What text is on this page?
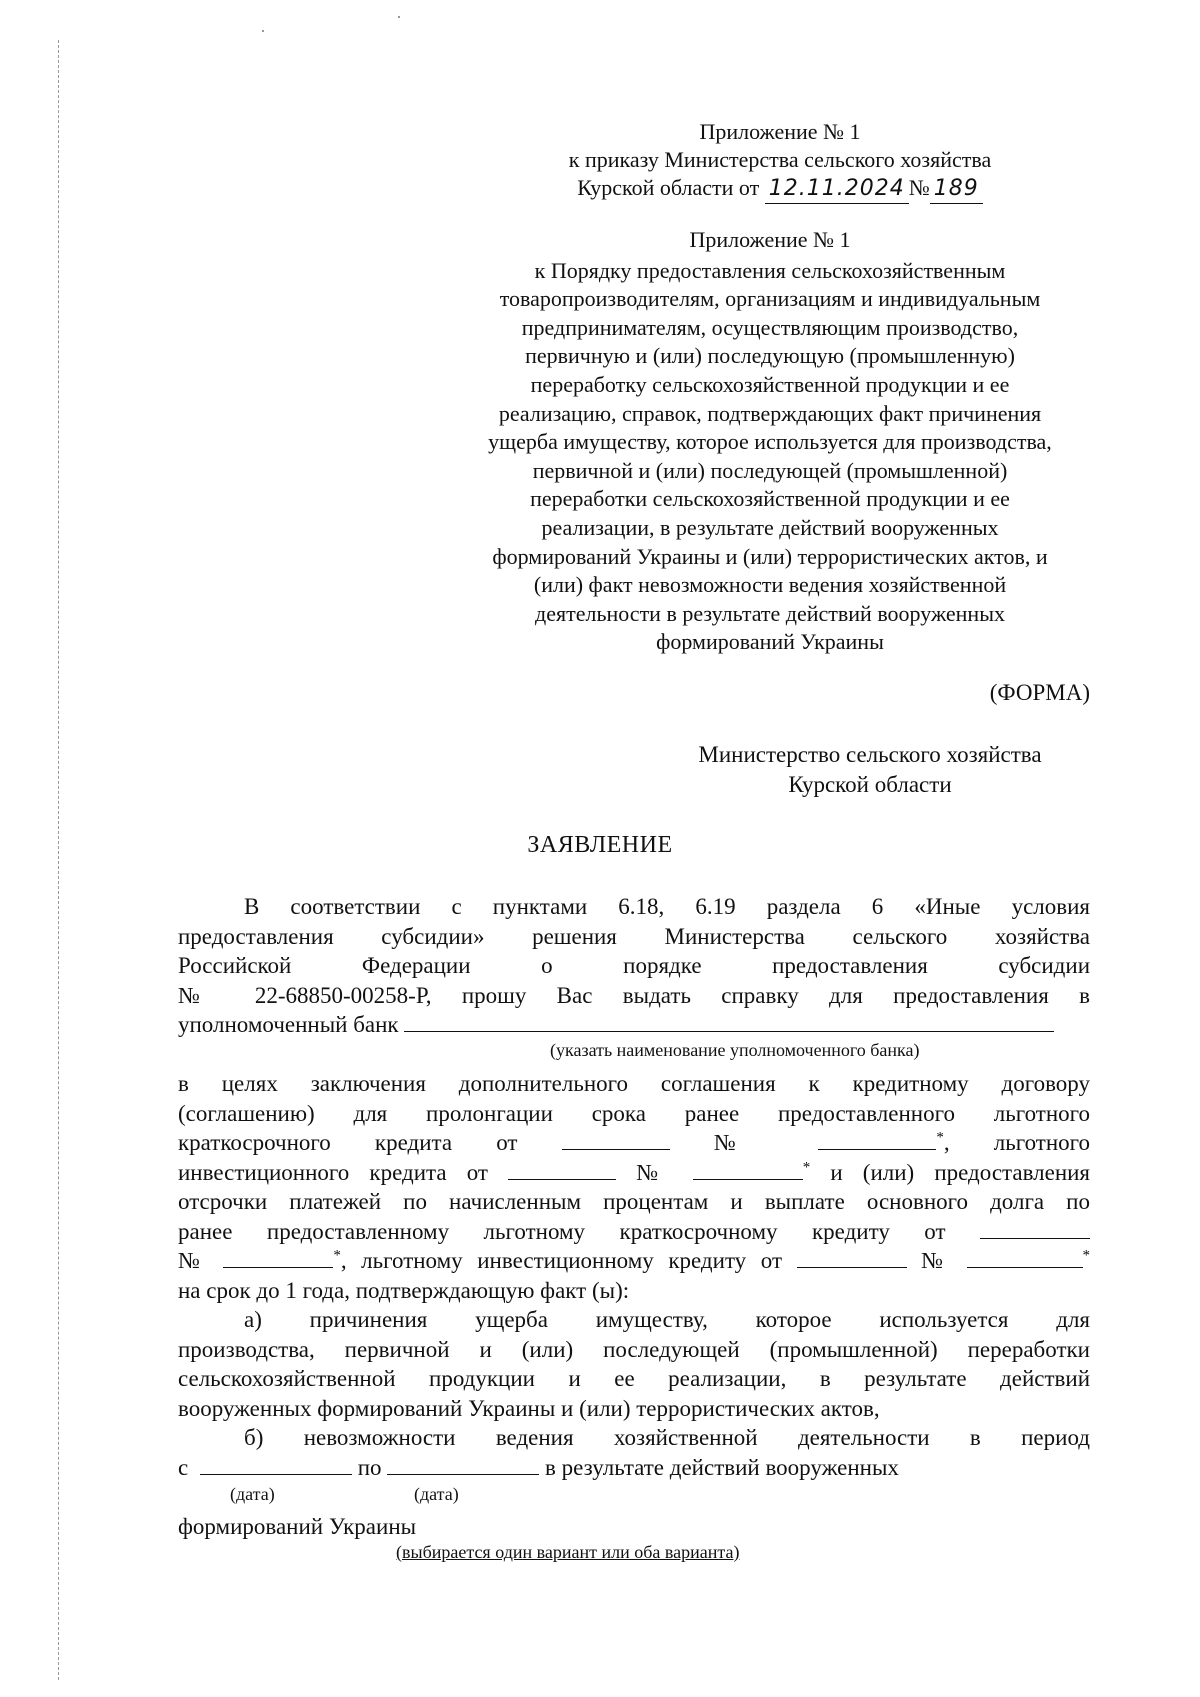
Приложение № 1
к приказу Министерства сельского хозяйства
Курской области от 12.11.2024 № 189
Приложение № 1
к Порядку предоставления сельскохозяйственным
товаропроизводителям, организациям и индивидуальным
предпринимателям, осуществляющим производство,
первичную и (или) последующую (промышленную)
переработку сельскохозяйственной продукции и ее
реализацию, справок, подтверждающих факт причинения
ущерба имуществу, которое используется для производства,
первичной и (или) последующей (промышленной)
переработки сельскохозяйственной продукции и ее
реализации, в результате действий вооруженных
формирований Украины и (или) террористических актов, и
(или) факт невозможности ведения хозяйственной
деятельности в результате действий вооруженных
формирований Украины
(ФОРМА)
Министерство сельского хозяйства
Курской области
ЗАЯВЛЕНИЕ
В соответствии с пунктами 6.18, 6.19 раздела 6 «Иные условия
предоставления субсидии» решения Министерства сельского хозяйства
Российской Федерации о порядке предоставления субсидии
№ 22-68850-00258-Р, прошу Вас выдать справку для предоставления в
уполномоченный банк
(указать наименование уполномоченного банка)
в целях заключения дополнительного соглашения к кредитному договору
(соглашению) для пролонгации срока ранее предоставленного льготного
краткосрочного кредита от	№	*, льготного
инвестиционного кредита от	№	* и (или) предоставления
отсрочки платежей по начисленным процентам и выплате основного долга по
ранее предоставленному льготному краткосрочному кредиту от
№	*, льготному инвестиционному кредиту от	№	*
на срок до 1 года, подтверждающую факт (ы):
а) причинения ущерба имуществу, которое используется для
производства, первичной и (или) последующей (промышленной) переработки
сельскохозяйственной продукции и ее реализации, в результате действий
вооруженных формирований Украины и (или) террористических актов,
б) невозможности ведения хозяйственной деятельности в период
с	по	в результате действий вооруженных
(дата)	(дата)
формирований Украины
(выбирается один вариант или оба варианта)
